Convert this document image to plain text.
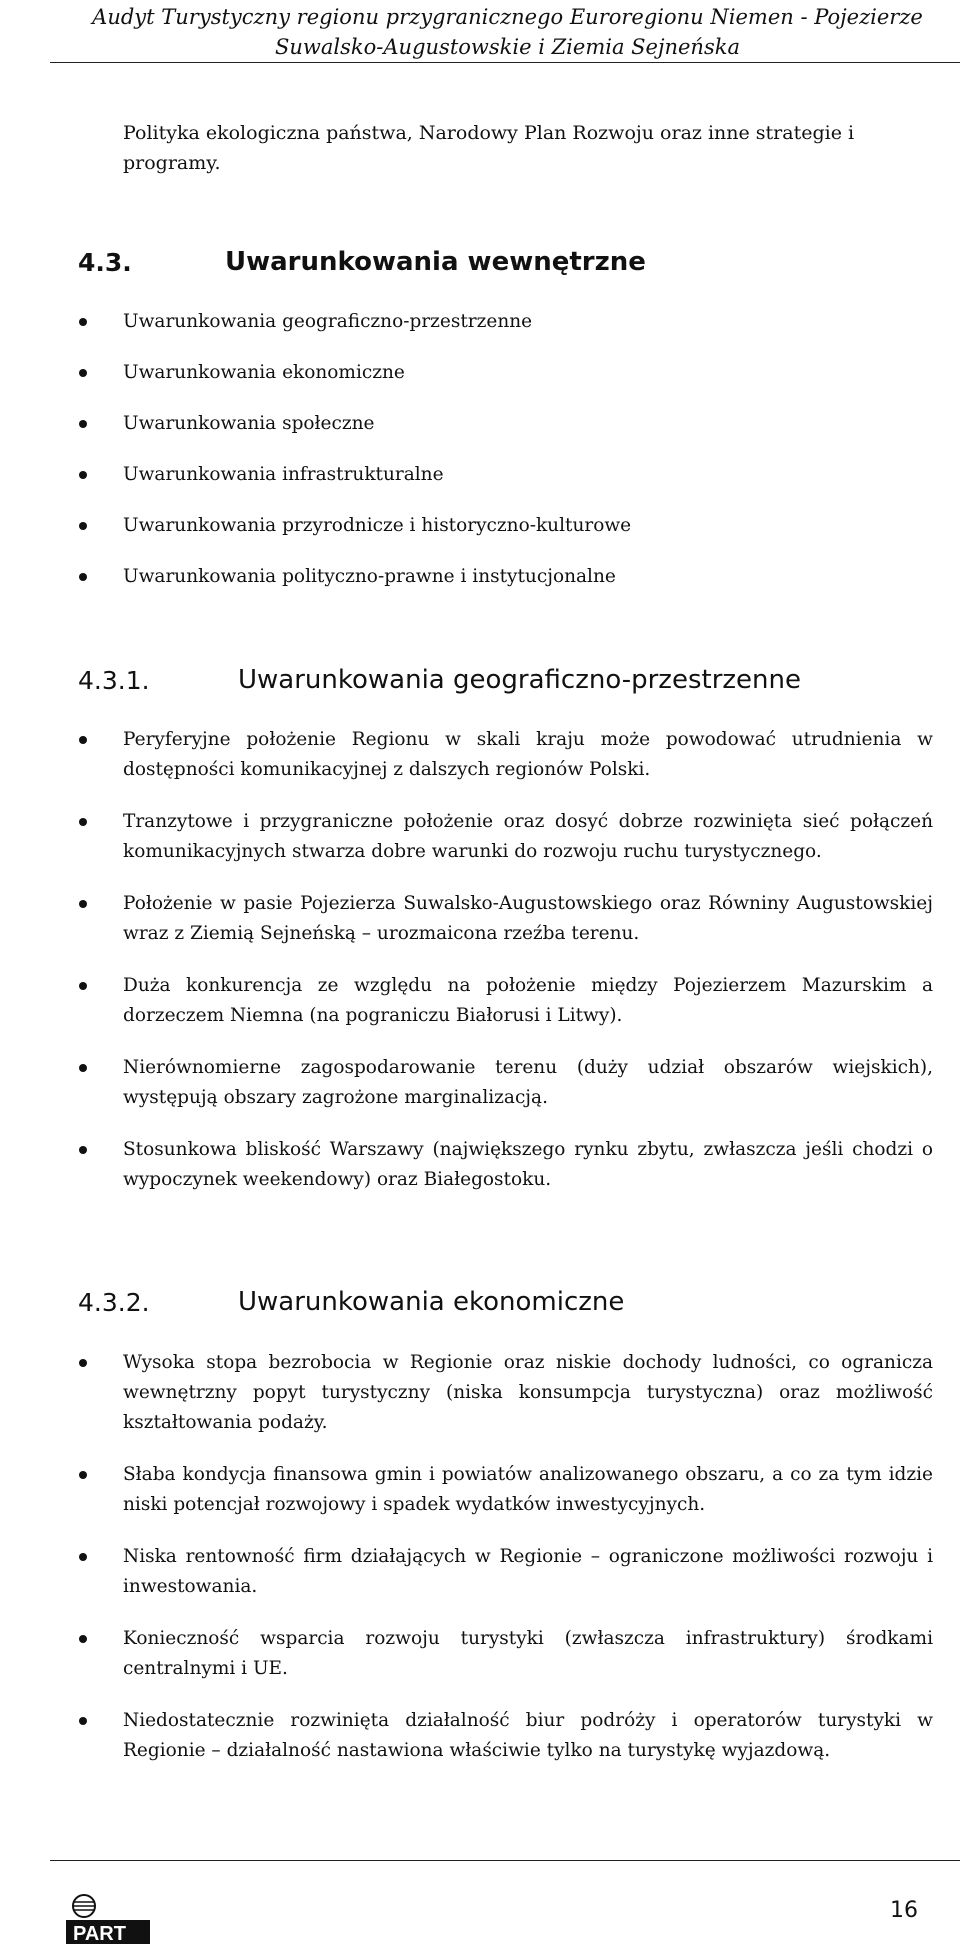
Audyt Turystyczny regionu przygranicznego Euroregionu Niemen - Pojezierze
Suwalsko-Augustowskie i Ziemia Sejneńska
Polityka ekologiczna państwa, Narodowy Plan Rozwoju oraz inne strategie i programy.
4.3.	Uwarunkowania wewnętrzne
Uwarunkowania geograficzno-przestrzenne
Uwarunkowania ekonomiczne
Uwarunkowania społeczne
Uwarunkowania infrastrukturalne
Uwarunkowania przyrodnicze i historyczno-kulturowe
Uwarunkowania polityczno-prawne i instytucjonalne
4.3.1.	Uwarunkowania geograficzno-przestrzenne
Peryferyjne położenie Regionu w skali kraju może powodować utrudnienia w dostępności komunikacyjnej z dalszych regionów Polski.
Tranzytowe i przygraniczne położenie oraz dosyć dobrze rozwinięta sieć połączeń komunikacyjnych stwarza dobre warunki do rozwoju ruchu turystycznego.
Położenie w pasie Pojezierza Suwalsko-Augustowskiego oraz Równiny Augustowskiej wraz z Ziemią Sejneńską – urozmaicona rzeźba terenu.
Duża konkurencja ze względu na położenie między Pojezierzem Mazurskim a dorzeczem Niemna (na pograniczu Białorusi i Litwy).
Nierównomierne zagospodarowanie terenu (duży udział obszarów wiejskich), występują obszary zagrożone marginalizacją.
Stosunkowa bliskość Warszawy (największego rynku zbytu, zwłaszcza jeśli chodzi o wypoczynek weekendowy) oraz Białegostoku.
4.3.2.	Uwarunkowania ekonomiczne
Wysoka stopa bezrobocia w Regionie oraz niskie dochody ludności, co ogranicza wewnętrzny popyt turystyczny (niska konsumpcja turystyczna) oraz możliwość kształtowania podaży.
Słaba kondycja finansowa gmin i powiatów analizowanego obszaru, a co za tym idzie niski potencjał rozwojowy i spadek wydatków inwestycyjnych.
Niska rentowność firm działających w Regionie – ograniczone możliwości rozwoju i inwestowania.
Konieczność wsparcia rozwoju turystyki (zwłaszcza infrastruktury) środkami centralnymi i UE.
Niedostatecznie rozwinięta działalność biur podróży i operatorów turystyki w Regionie – działalność nastawiona właściwie tylko na turystykę wyjazdową.
PART
16
